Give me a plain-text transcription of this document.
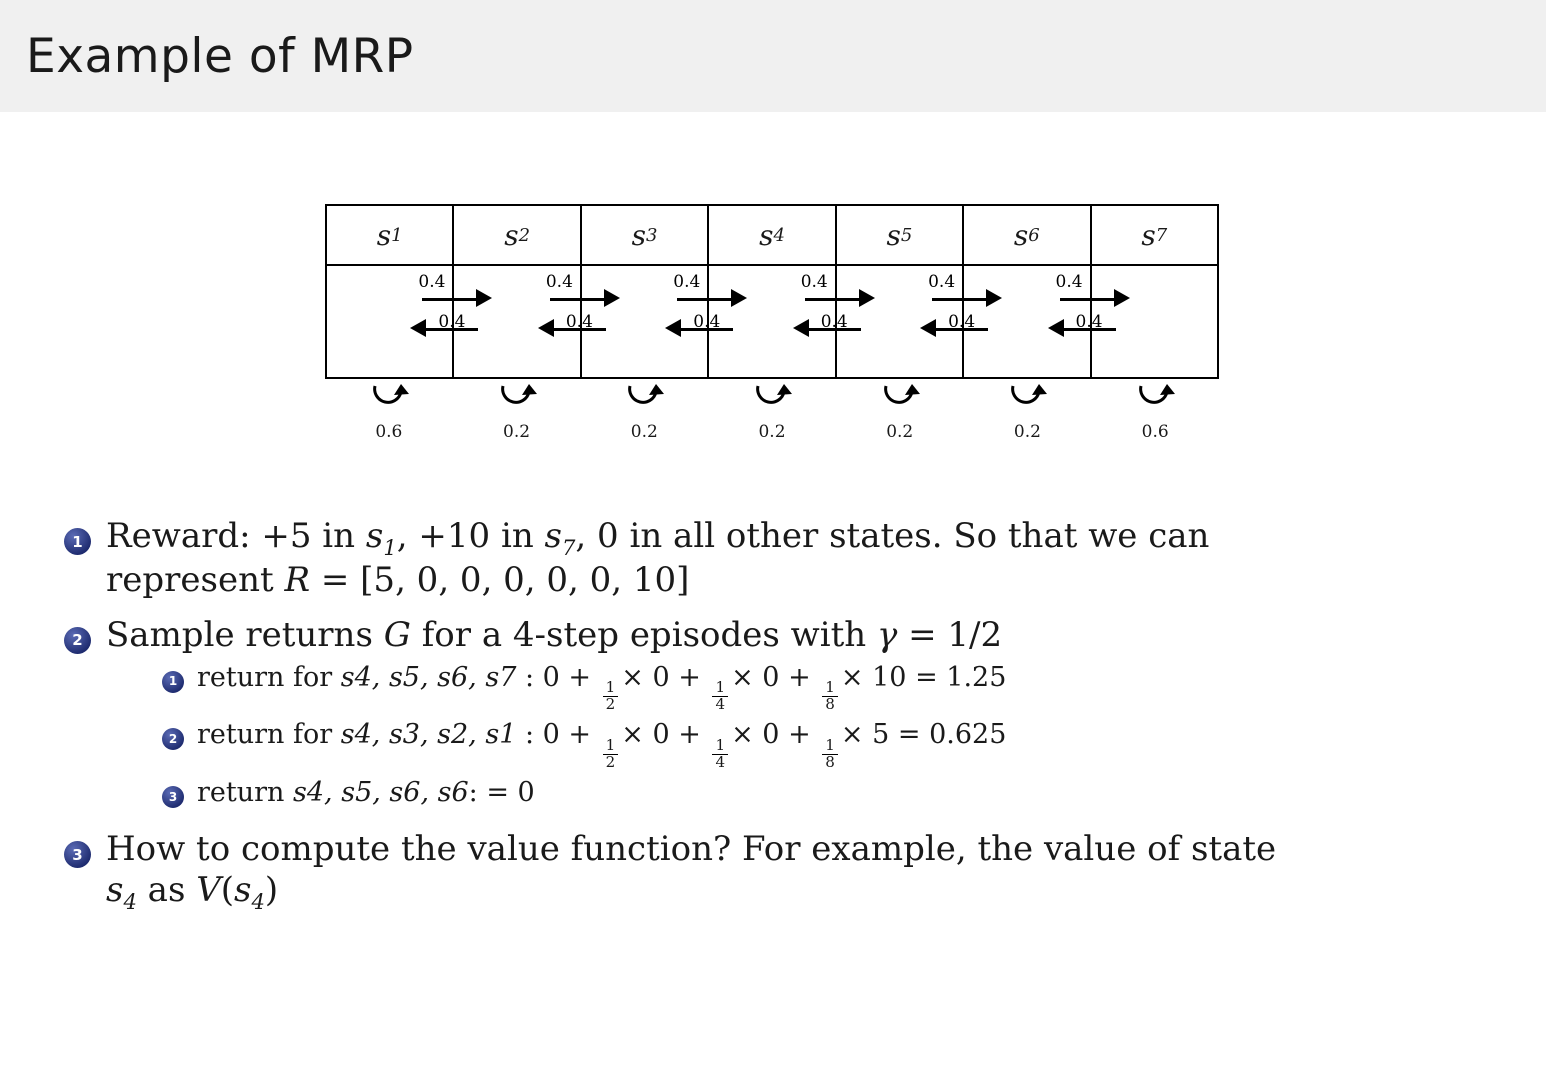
Example of MRP
s 1
0.4
0.4
s 2
0.4
0.4
s 3
0.4
0.4
s 4
0.4
0.4
s 5
0.4
0.4
s 6
0.4
0.4
s 7
0.6	0.2	0.2	0.2	0.2	0.2	0.6
1 Reward: +5 in $s_1$, +10 in $s_7$, 0 in all other states. So that we can
represent R = [5, 0, 0, 0, 0, 0, 10]
2 Sample returns G for a 4-step episodes with γ = 1/2
1 return for s4, s5, s6, s7 : 0 +
$\frac{1}{2}$
× 0 +
$\frac{1}{4}$
× 0 +
$\frac{1}{8}$
× 10 = 1.25
2 return for s4, s3, s2, s1 : 0 +
$\frac{1}{2}$
× 0 +
$\frac{1}{4}$
× 0 +
$\frac{1}{8}$
× 5 = 0.625
3 return s4, s5, s6, s6: = 0
3 How to compute the value function? For example, the value of state
$s_4$ as $V(s_4)$
